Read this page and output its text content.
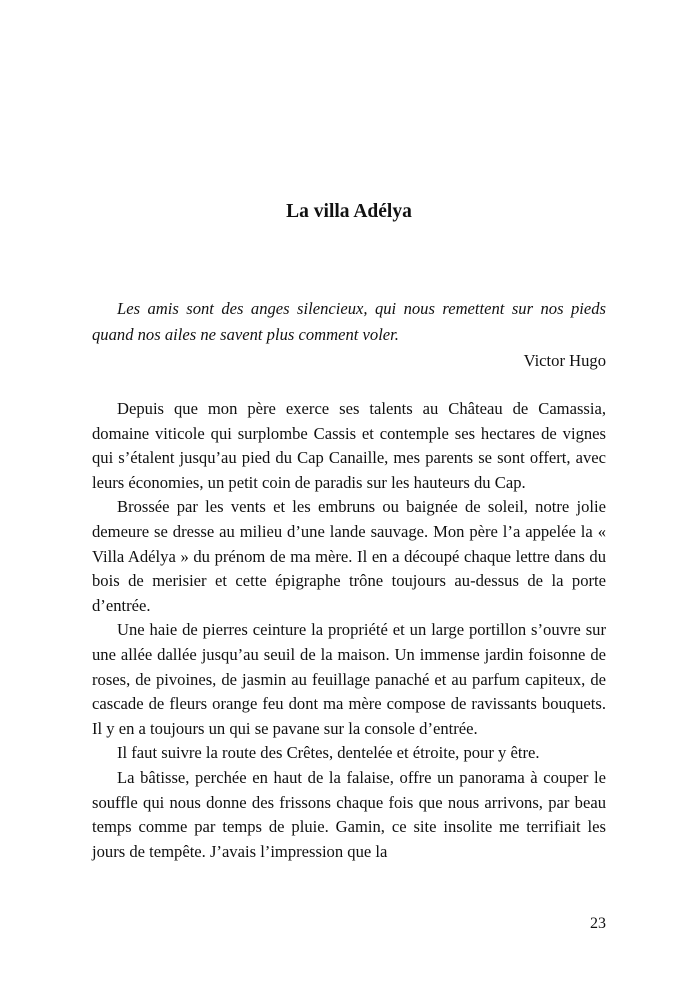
La villa Adélya

Les amis sont des anges silencieux, qui nous remettent sur nos pieds quand nos ailes ne savent plus comment voler.

Victor Hugo

Depuis que mon père exerce ses talents au Château de Camassia, domaine viticole qui surplombe Cassis et contemple ses hectares de vignes qui s’étalent jusqu’au pied du Cap Canaille, mes parents se sont offert, avec leurs économies, un petit coin de paradis sur les hauteurs du Cap.

Brossée par les vents et les embruns ou baignée de soleil, notre jolie demeure se dresse au milieu d’une lande sauvage. Mon père l’a appelée la « Villa Adélya » du prénom de ma mère. Il en a découpé chaque lettre dans du bois de merisier et cette épigraphe trône toujours au-dessus de la porte d’entrée.

Une haie de pierres ceinture la propriété et un large portillon s’ouvre sur une allée dallée jusqu’au seuil de la maison. Un immense jardin foisonne de roses, de pivoines, de jasmin au feuillage panaché et au parfum capiteux, de cascade de fleurs orange feu dont ma mère compose de ravissants bouquets. Il y en a toujours un qui se pavane sur la console d’entrée.

Il faut suivre la route des Crêtes, dentelée et étroite, pour y être.

La bâtisse, perchée en haut de la falaise, offre un panorama à couper le souffle qui nous donne des frissons chaque fois que nous arrivons, par beau temps comme par temps de pluie. Gamin, ce site insolite me terrifiait les jours de tempête. J’avais l’impression que la

23
